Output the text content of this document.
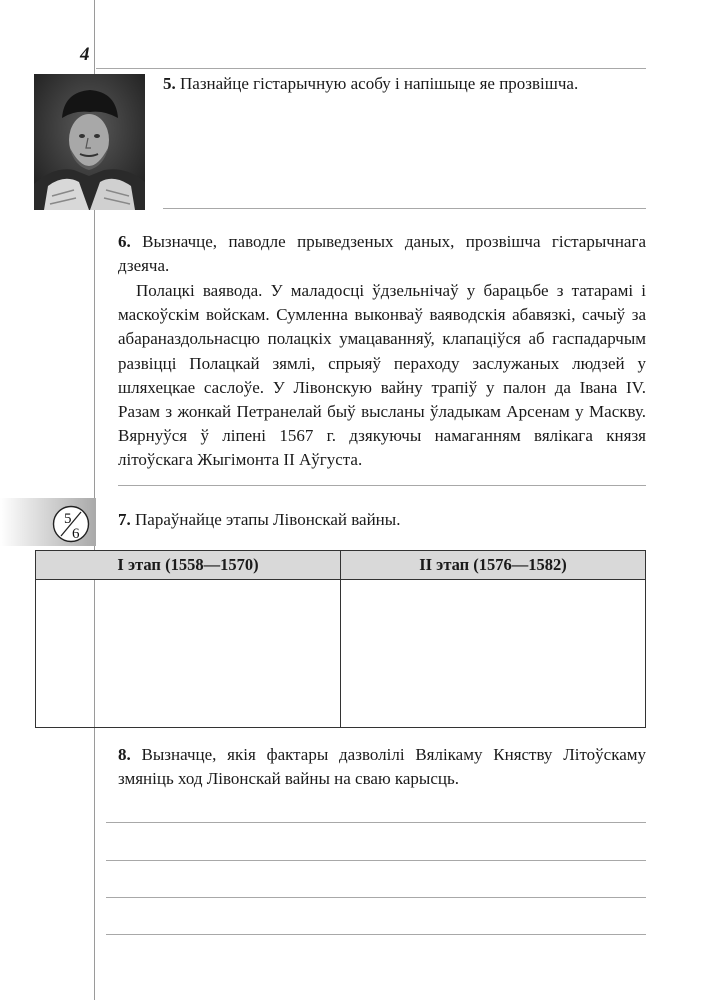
4
5. Пазнайце гістарычную асобу і напішыце яе прозвішча.
6. Вызначце, паводле прыведзеных даных, прозвішча гістарычнага
дзеяча.
Полацкі ваявода. У маладосці ўдзельнічаў у барацьбе з татарамі і маскоўскім войскам. Сумленна выконваў ваяводскія абавязкі, сачыў за абараназдольнасцю полацкіх умацаванняў, клапаціўся аб гаспадарчым развіцці Полацкай зямлі, спрыяў пераходу заслужаных людзей у шляхецкае саслоўе. У Лівонскую вайну трапіў у палон да Івана IV. Разам з жонкай Петранелай быў высланы ўладыкам Арсенам у Маскву. Вярнуўся ў ліпені 1567 г. дзякуючы намаганням вялікага князя літоўскага Жыгімонта II Аўгуста.
5
6
7. Параўнайце этапы Лівонскай вайны.
I этап (1558—1570)	II этап (1576—1582)

8. Вызначце, якія фактары дазволілі Вялікаму Княству Літоўскаму
змяніць ход Лівонскай вайны на сваю карысць.
